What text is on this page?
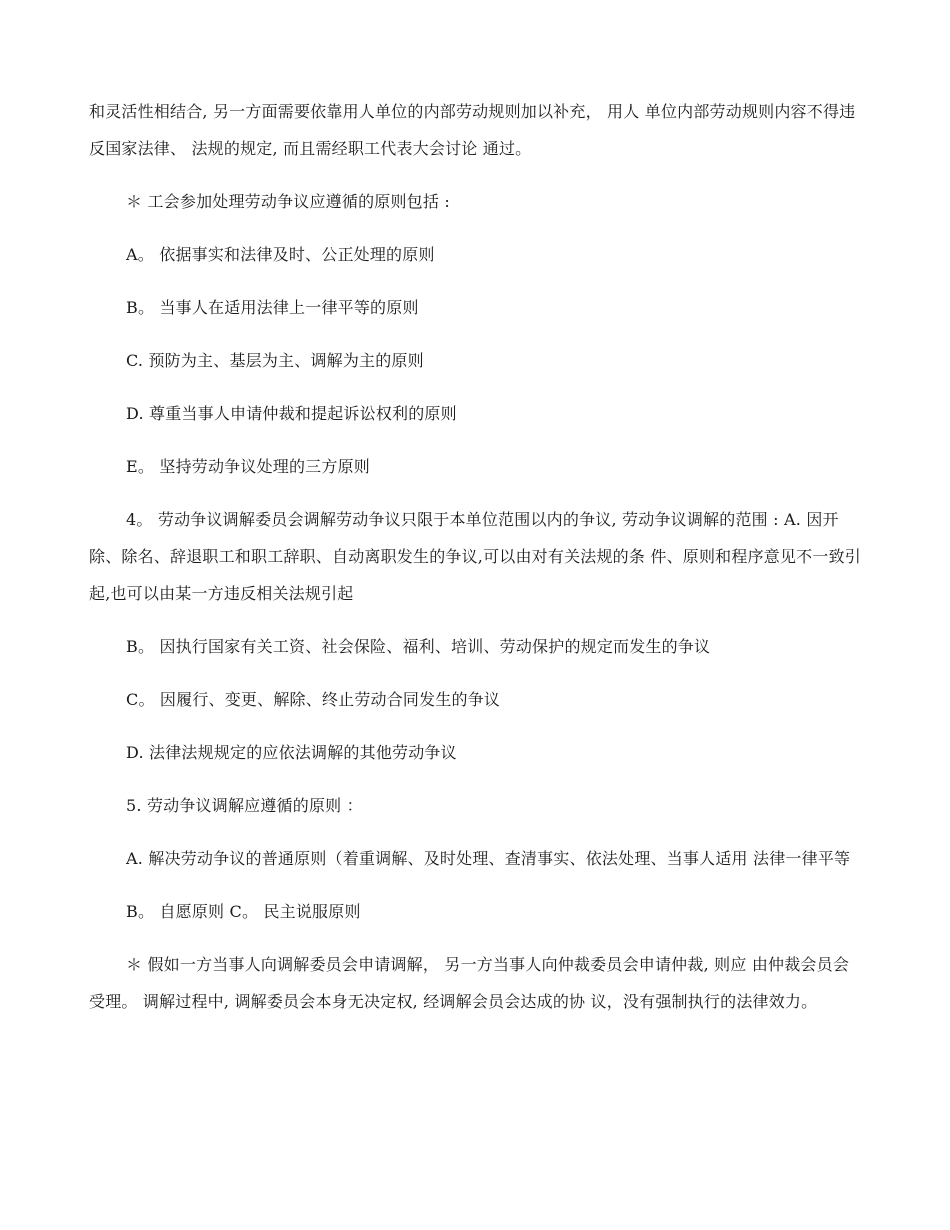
和灵活性相结合, 另一方面需要依靠用人单位的内部劳动规则加以补充， 用人 单位内部劳动规则内容不得违反国家法律、 法规的规定, 而且需经职工代表大会讨论 通过。

＊ 工会参加处理劳动争议应遵循的原则包括 :

A。 依据事实和法律及时、公正处理的原则

B。 当事人在适用法律上一律平等的原则

C. 预防为主、基层为主、调解为主的原则

D. 尊重当事人申请仲裁和提起诉讼权利的原则

E。 坚持劳动争议处理的三方原则

4。 劳动争议调解委员会调解劳动争议只限于本单位范围以内的争议, 劳动争议调解的范围 : A. 因开除、除名、辞退职工和职工辞职、自动离职发生的争议,可以由对有关法规的条 件、原则和程序意见不一致引起,也可以由某一方违反相关法规引起

B。 因执行国家有关工资、社会保险、福利、培训、劳动保护的规定而发生的争议

C。 因履行、变更、解除、终止劳动合同发生的争议

D. 法律法规规定的应依法调解的其他劳动争议

5. 劳动争议调解应遵循的原则 ：

A. 解决劳动争议的普通原则（着重调解、及时处理、查清事实、依法处理、当事人适用 法律一律平等

B。 自愿原则 C。 民主说服原则

＊ 假如一方当事人向调解委员会申请调解， 另一方当事人向仲裁委员会申请仲裁, 则应 由仲裁会员会受理。 调解过程中, 调解委员会本身无决定权, 经调解会员会达成的协 议，没有强制执行的法律效力。
